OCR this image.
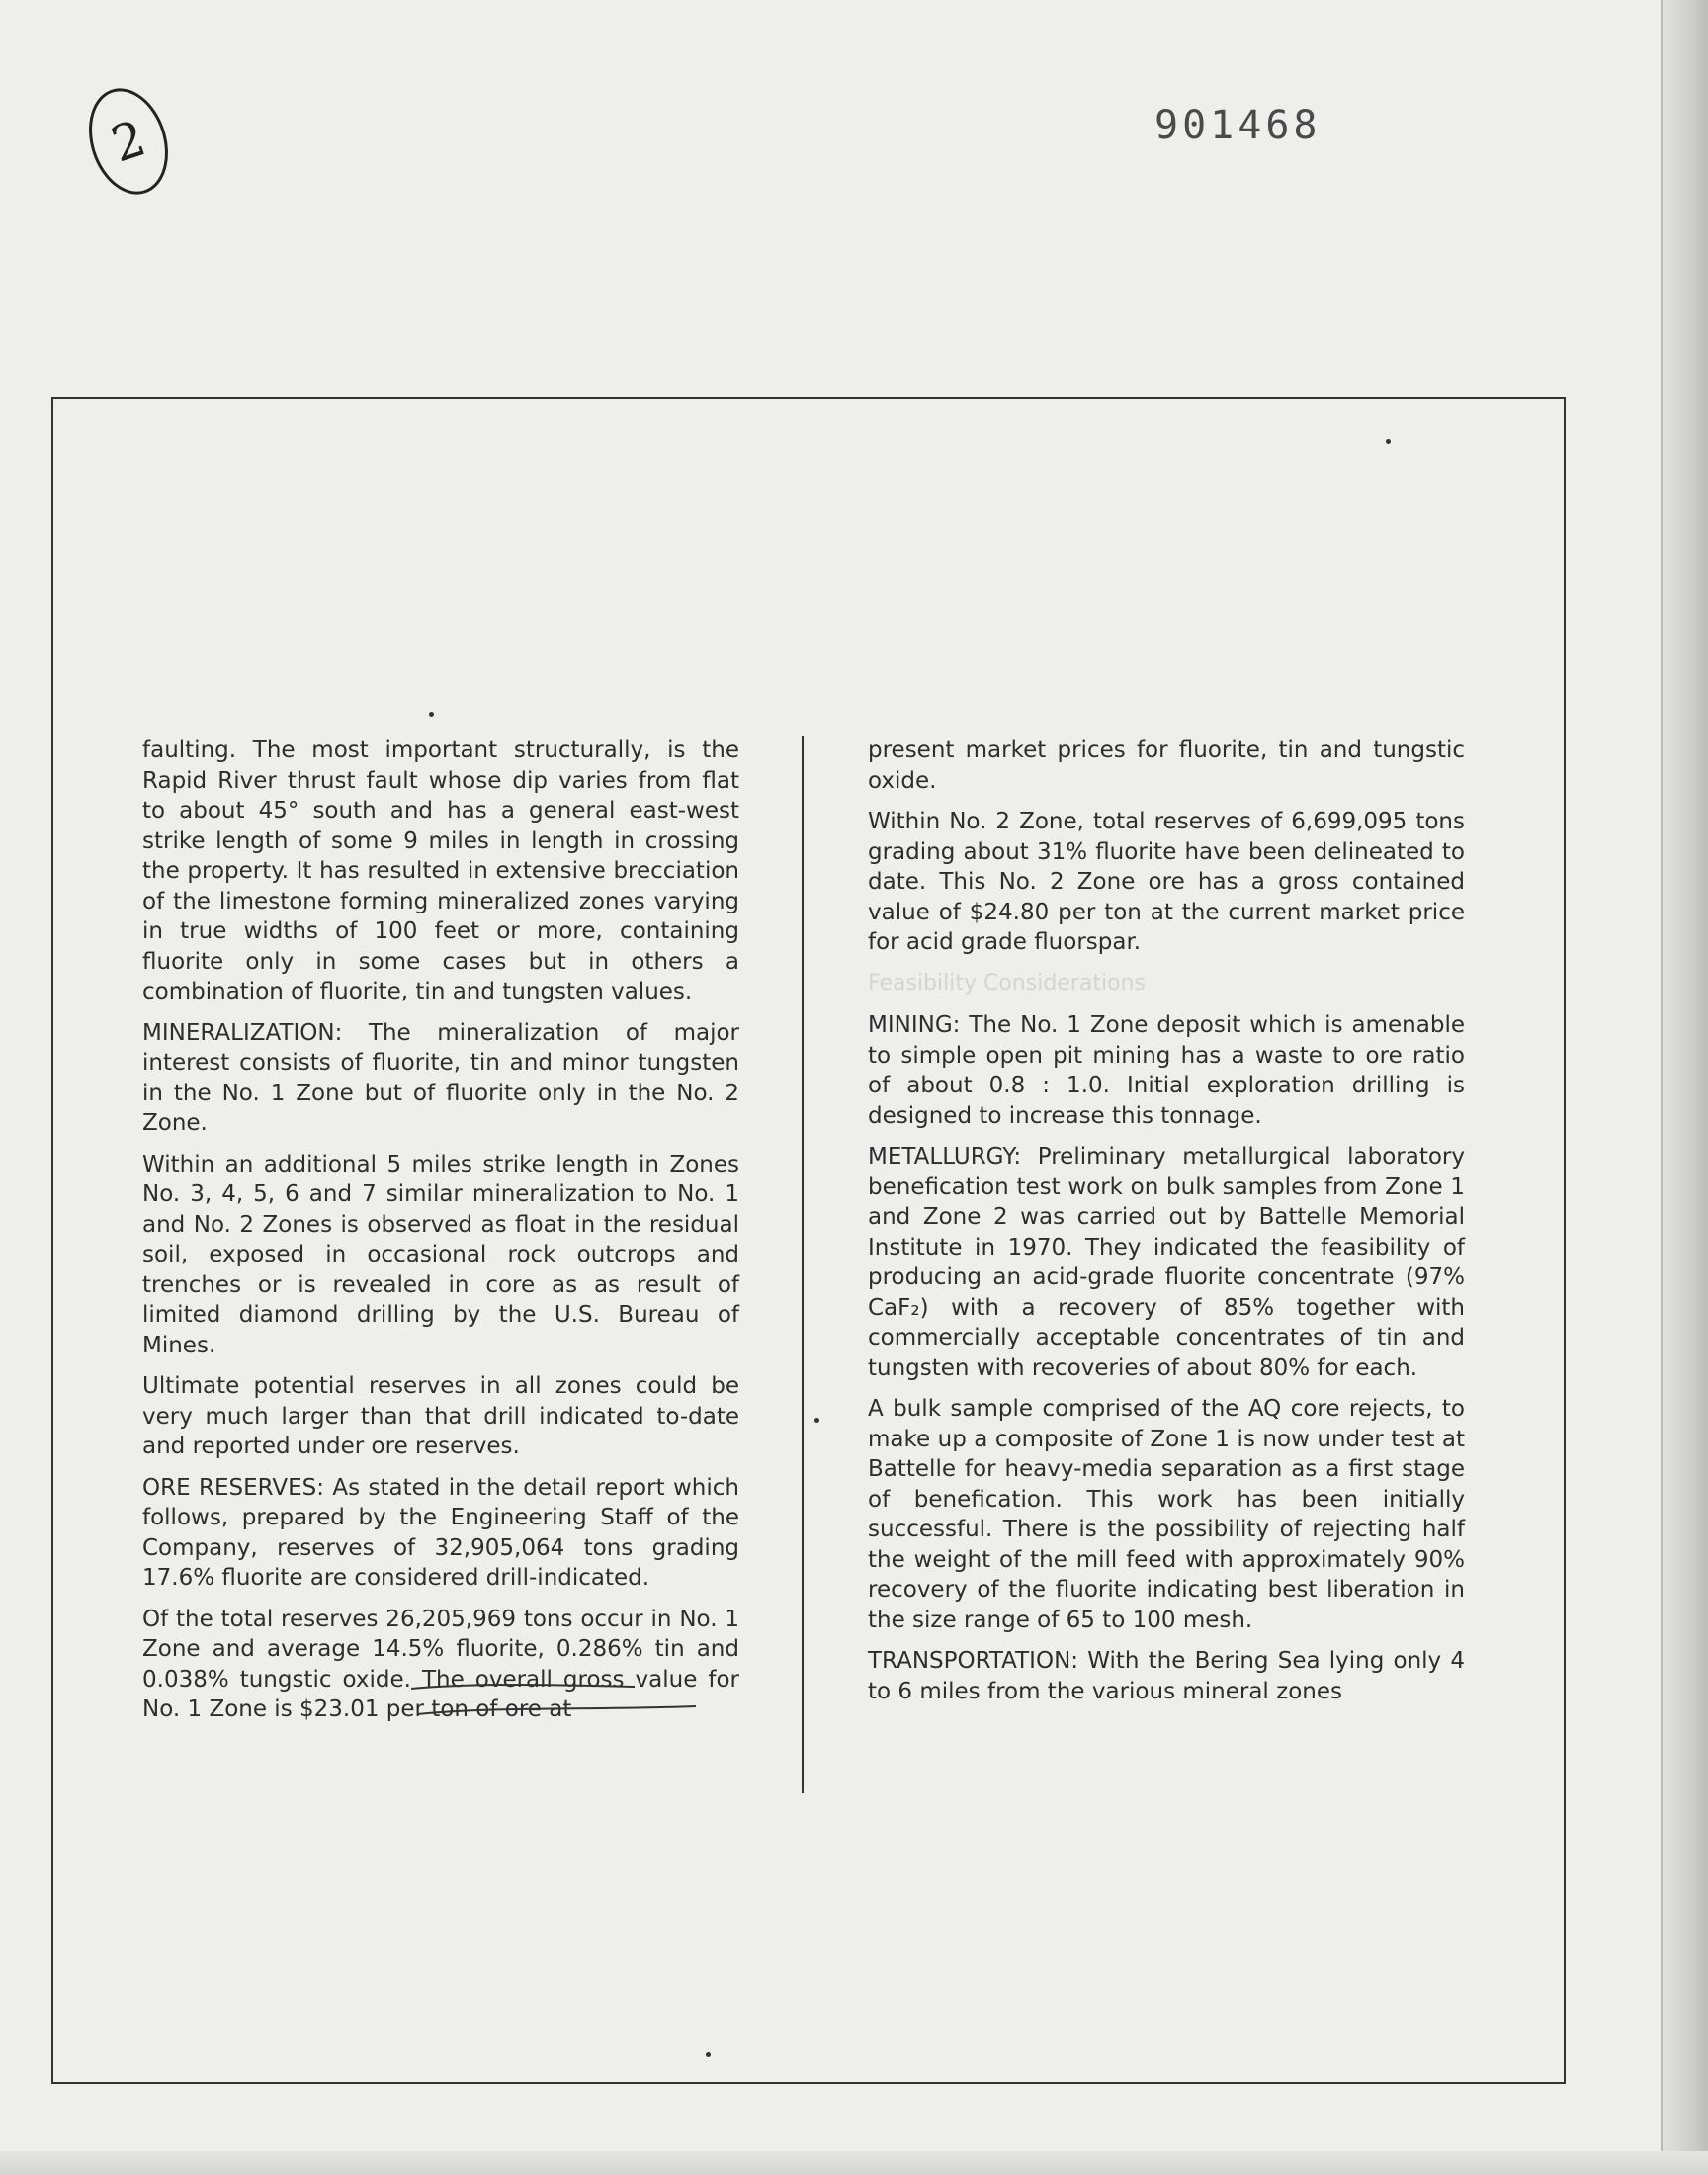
2	901468

faulting. The most important structurally, is the Rapid River thrust fault whose dip varies from flat to about 45° south and has a general east-west strike length of some 9 miles in length in crossing the property. It has resulted in extensive brecciation of the limestone forming mineralized zones varying in true widths of 100 feet or more, containing fluorite only in some cases but in others a combination of fluorite, tin and tungsten values.

MINERALIZATION: The mineralization of major interest consists of fluorite, tin and minor tungsten in the No. 1 Zone but of fluorite only in the No. 2 Zone.

Within an additional 5 miles strike length in Zones No. 3, 4, 5, 6 and 7 similar mineralization to No. 1 and No. 2 Zones is observed as float in the residual soil, exposed in occasional rock outcrops and trenches or is revealed in core as as result of limited diamond drilling by the U.S. Bureau of Mines.

Ultimate potential reserves in all zones could be very much larger than that drill indicated to-date and reported under ore reserves.

ORE RESERVES: As stated in the detail report which follows, prepared by the Engineering Staff of the Company, reserves of 32,905,064 tons grading 17.6% fluorite are considered drill-indicated.

Of the total reserves 26,205,969 tons occur in No. 1 Zone and average 14.5% fluorite, 0.286% tin and 0.038% tungstic oxide. The overall gross value for No. 1 Zone is $23.01 per ton of ore at

present market prices for fluorite, tin and tungstic oxide.

Within No. 2 Zone, total reserves of 6,699,095 tons grading about 31% fluorite have been delineated to date. This No. 2 Zone ore has a gross contained value of $24.80 per ton at the current market price for acid grade fluorspar.

Feasibility Considerations

MINING: The No. 1 Zone deposit which is amenable to simple open pit mining has a waste to ore ratio of about 0.8 : 1.0. Initial exploration drilling is designed to increase this tonnage.

METALLURGY: Preliminary metallurgical laboratory benefication test work on bulk samples from Zone 1 and Zone 2 was carried out by Battelle Memorial Institute in 1970. They indicated the feasibility of producing an acid-grade fluorite concentrate (97% CaF₂) with a recovery of 85% together with commercially acceptable concentrates of tin and tungsten with recoveries of about 80% for each.

A bulk sample comprised of the AQ core rejects, to make up a composite of Zone 1 is now under test at Battelle for heavy-media separation as a first stage of benefication. This work has been initially successful. There is the possibility of rejecting half the weight of the mill feed with approximately 90% recovery of the fluorite indicating best liberation in the size range of 65 to 100 mesh.

TRANSPORTATION: With the Bering Sea lying only 4 to 6 miles from the various mineral zones
